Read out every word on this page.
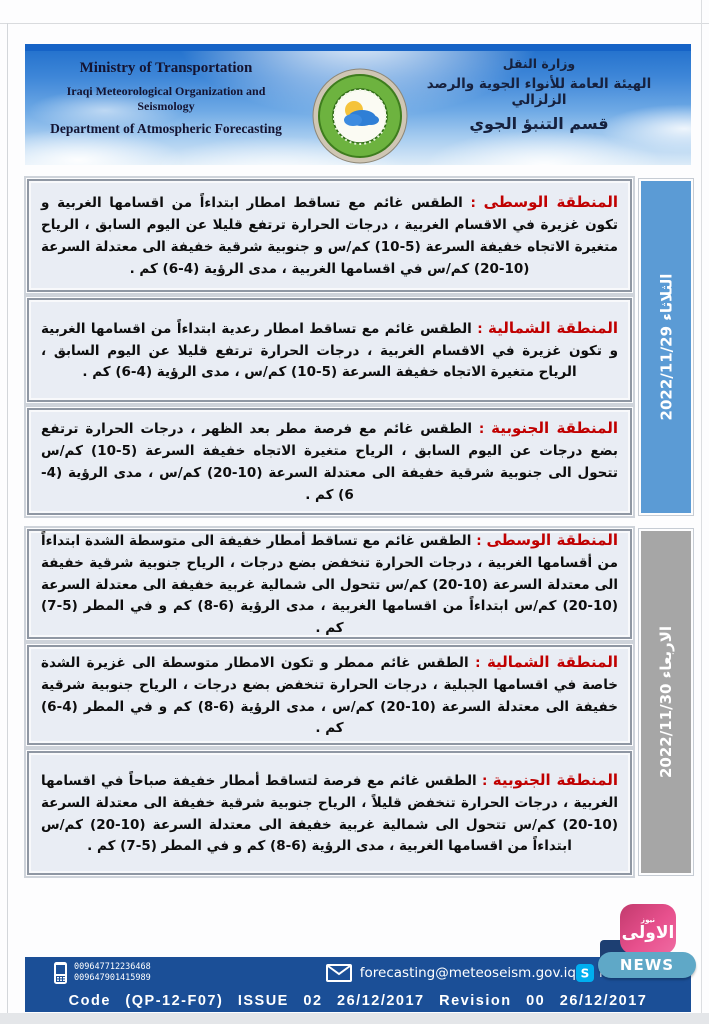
Ministry of Transportation
Iraqi Meteorological Organization and Seismology
Department of Atmospheric Forecasting
وزارة النقل
الهيئة العامة للأنواء الجوية والرصد الزلزالي
قسم التنبؤ الجوي

المنطقة الوسطى : الطقس غائم مع تساقط امطار ابتداءاً من اقسامها الغربية و تكون غزيرة في الاقسام الغربية ، درجات الحرارة ترتفع قليلا عن اليوم السابق ، الرياح متغيرة الاتجاه خفيفة السرعة (5-10) كم/س و جنوبية شرقية خفيفة الى معتدلة السرعة (10-20) كم/س في اقسامها الغربية ، مدى الرؤية (4-6) كم .

المنطقة الشمالية : الطقس غائم مع تساقط امطار رعدية ابتداءاً من اقسامها الغربية و تكون غزيرة في الاقسام الغربية ، درجات الحرارة ترتفع قليلا عن اليوم السابق ، الرياح متغيرة الاتجاه خفيفة السرعة (5-10) كم/س ، مدى الرؤية (4-6) كم .

المنطقة الجنوبية : الطقس غائم مع فرصة مطر بعد الظهر ، درجات الحرارة ترتفع بضع درجات عن اليوم السابق ، الرياح متغيرة الاتجاه خفيفة السرعة (5-10) كم/س تتحول الى جنوبية شرقية خفيفة الى معتدلة السرعة (10-20) كم/س ، مدى الرؤية (4-6) كم .

المنطقة الوسطى : الطقس غائم مع تساقط أمطار خفيفة الى متوسطة الشدة ابتداءاً من أقسامها الغربية ، درجات الحرارة تنخفض بضع درجات ، الرياح جنوبية شرقية خفيفة الى معتدلة السرعة (10-20) كم/س تتحول الى شمالية غربية خفيفة الى معتدلة السرعة (10-20) كم/س ابتداءاً من اقسامها الغربية ، مدى الرؤية (6-8) كم و في المطر (5-7) كم .

المنطقة الشمالية : الطقس غائم ممطر و تكون الامطار متوسطة الى غزيرة الشدة خاصة في اقسامها الجبلية ، درجات الحرارة تنخفض بضع درجات ، الرياح جنوبية شرقية خفيفة الى معتدلة السرعة (10-20) كم/س ، مدى الرؤية (6-8) كم و في المطر (4-6) كم .

المنطقة الجنوبية : الطقس غائم مع فرصة لتساقط أمطار خفيفة صباحاً في اقسامها الغربية ، درجات الحرارة تنخفض قليلاً ، الرياح جنوبية شرقية خفيفة الى معتدلة السرعة (10-20) كم/س تتحول الى شمالية غربية خفيفة الى معتدلة السرعة (10-20) كم/س ابتداءاً من اقسامها الغربية ، مدى الرؤية (6-8) كم و في المطر (5-7) كم .

الثلاثاء 2022/11/29
الاربعاء 2022/11/30
009647712236468
009647901415989	forecasting@meteoseism.gov.iq S
Code (QP-12-F07) ISSUE 02 26/12/2017 Revision 00 26/12/2017
نيوز
الاولى
NEWS
